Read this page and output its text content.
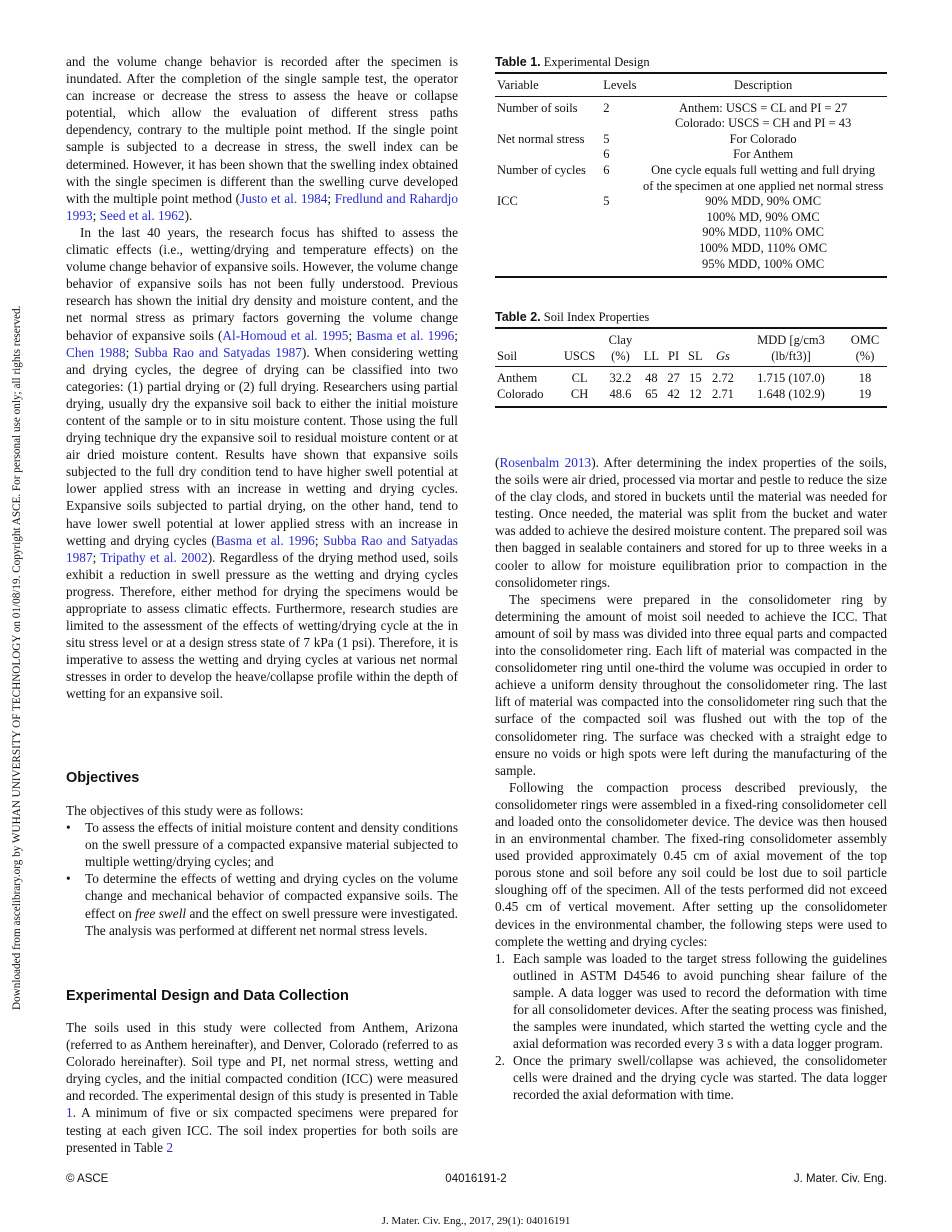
Downloaded from ascelibrary.org by WUHAN UNIVERSITY OF TECHNOLOGY on 01/08/19. Copyright ASCE. For personal use only; all rights reserved.

and the volume change behavior is recorded after the specimen is inundated. After the completion of the single sample test, the operator can increase or decrease the stress to assess the heave or collapse potential, which allow the evaluation of different stress paths dependency, contrary to the multiple point method. If the single point sample is subjected to a decrease in stress, the swell index can be determined. However, it has been shown that the swelling index obtained with the single specimen is different than the swelling curve developed with the multiple point method (Justo et al. 1984; Fredlund and Rahardjo 1993; Seed et al. 1962).

In the last 40 years, the research focus has shifted to assess the climatic effects (i.e., wetting/drying and temperature effects) on the volume change behavior of expansive soils. However, the volume change behavior of expansive soils has not been fully understood. Previous research has shown the initial dry density and moisture content, and the net normal stress as primary factors governing the volume change behavior of expansive soils (Al-Homoud et al. 1995; Basma et al. 1996; Chen 1988; Subba Rao and Satyadas 1987). When considering wetting and drying cycles, the degree of drying can be classified into two categories: (1) partial drying or (2) full drying. Researchers using partial drying, usually dry the expansive soil back to either the initial moisture content of the sample or to in situ moisture content. Those using the full drying technique dry the expansive soil to residual moisture content or at air dried moisture content. Results have shown that expansive soils subjected to the full dry condition tend to have higher swell potential at lower applied stress with an increase in wetting and drying cycles. Expansive soils subjected to partial drying, on the other hand, tend to have lower swell potential at lower applied stress with an increase in wetting and drying cycles (Basma et al. 1996; Subba Rao and Satyadas 1987; Tripathy et al. 2002). Regardless of the drying method used, soils exhibit a reduction in swell pressure as the wetting and drying cycles progress. Therefore, either method for drying the specimens would be appropriate to assess climatic effects. Furthermore, research studies are limited to the assessment of the effects of wetting/drying cycle at the in situ stress level or at a design stress state of 7 kPa (1 psi). Therefore, it is imperative to assess the wetting and drying cycles at various net normal stresses in order to develop the heave/collapse profile within the depth of wetting for an expansive soil.

Objectives

The objectives of this study were as follows:

• To assess the effects of initial moisture content and density conditions on the swell pressure of a compacted expansive material subjected to multiple wetting/drying cycles; and
• To determine the effects of wetting and drying cycles on the volume change and mechanical behavior of compacted expansive soils. The effect on free swell and the effect on swell pressure were investigated. The analysis was performed at different net normal stress levels.
Experimental Design and Data Collection

The soils used in this study were collected from Anthem, Arizona (referred to as Anthem hereinafter), and Denver, Colorado (referred to as Colorado hereinafter). Soil type and PI, net normal stress, wetting and drying cycles, and the initial compacted condition (ICC) were measured and recorded. The experimental design of this study is presented in Table 1. A minimum of five or six compacted specimens were prepared for testing at each given ICC. The soil index properties for both soils are presented in Table 2

Table 1. Experimental Design
Variable	Levels	Description
Number of soils	2	Anthem: USCS = CL and PI = 27
		Colorado: USCS = CH and PI = 43
Net normal stress	5	For Colorado
	6	For Anthem
Number of cycles	6	One cycle equals full wetting and full drying
		of the specimen at one applied net normal stress
ICC	5	90% MDD, 90% OMC
		100% MD, 90% OMC
		90% MDD, 110% OMC
		100% MDD, 110% OMC
		95% MDD, 100% OMC
Table 2. Soil Index Properties
Soil	USCS	Clay (%)	LL	PI	SL	Gs	MDD [g/cm3 (lb/ft3)]	OMC (%)
Anthem	CL	32.2	48	27	15	2.72	1.715 (107.0)	18
Colorado	CH	48.6	65	42	12	2.71	1.648 (102.9)	19

(Rosenbalm 2013). After determining the index properties of the soils, the soils were air dried, processed via mortar and pestle to reduce the size of the clay clods, and stored in buckets until the material was needed for testing. Once needed, the material was split from the bucket and water was added to achieve the desired moisture content. The prepared soil was then bagged in sealable containers and stored for up to three weeks in a cooler to allow for moisture equilibration prior to compaction in the consolidometer rings.

The specimens were prepared in the consolidometer ring by determining the amount of moist soil needed to achieve the ICC. That amount of soil by mass was divided into three equal parts and compacted into the consolidometer ring. Each lift of material was compacted in the consolidometer ring until one-third the volume was occupied in order to achieve a uniform density throughout the consolidometer ring. The last lift of material was compacted into the consolidometer ring such that the surface of the compacted soil was flushed out with the top of the consolidometer ring. The surface was checked with a straight edge to ensure no voids or high spots were left during the manufacturing of the sample.

Following the compaction process described previously, the consolidometer rings were assembled in a fixed-ring consolidometer cell and loaded onto the consolidometer device. The device was then housed in an environmental chamber. The fixed-ring consolidometer assembly used provided approximately 0.45 cm of axial movement of the top porous stone and soil before any soil could be lost due to soil particle sloughing off of the specimen. All of the tests performed did not exceed 0.45 cm of vertical movement. After setting up the consolidometer devices in the environmental chamber, the following steps were used to complete the wetting and drying cycles:

1. Each sample was loaded to the target stress following the guidelines outlined in ASTM D4546 to avoid punching shear failure of the sample. A data logger was used to record the deformation with time for all consolidometer devices. After the seating process was finished, the samples were inundated, which started the wetting cycle and the axial deformation was recorded every 3 s with a data logger program.
2. Once the primary swell/collapse was achieved, the consolidometer cells were drained and the drying cycle was started. The data logger recorded the axial deformation with time.
© ASCE	04016191-2	J. Mater. Civ. Eng.
J. Mater. Civ. Eng., 2017, 29(1): 04016191
